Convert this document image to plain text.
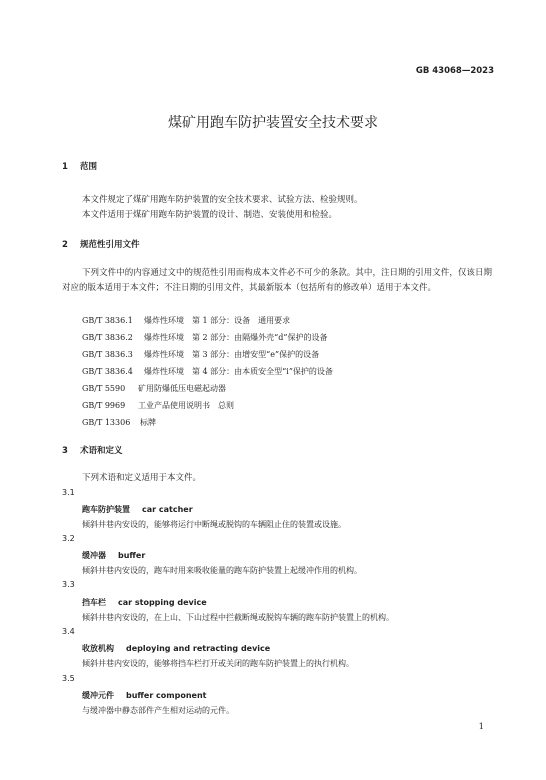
GB 43068—2023
煤矿用跑车防护装置安全技术要求
1 范围
本文件规定了煤矿用跑车防护装置的安全技术要求、试验方法、检验规则。
本文件适用于煤矿用跑车防护装置的设计、制造、安装使用和检验。
2 规范性引用文件
下列文件中的内容通过文中的规范性引用而构成本文件必不可少的条款。其中，注日期的引用文件，仅该日期对应的版本适用于本文件；不注日期的引用文件，其最新版本（包括所有的修改单）适用于本文件。
GB/T 3836.1 爆炸性环境　第 1 部分：设备　通用要求
GB/T 3836.2 爆炸性环境　第 2 部分：由隔爆外壳“d”保护的设备
GB/T 3836.3 爆炸性环境　第 3 部分：由增安型“e”保护的设备
GB/T 3836.4 爆炸性环境　第 4 部分：由本质安全型“i”保护的设备
GB/T 5590 矿用防爆低压电磁起动器
GB/T 9969 工业产品使用说明书　总则
GB/T 13306 标牌
3 术语和定义
下列术语和定义适用于本文件。
3.1
跑车防护装置 car catcher
倾斜井巷内安设的，能够将运行中断绳或脱钩的车辆阻止住的装置或设施。
3.2
缓冲器 buffer
倾斜井巷内安设的，跑车时用来吸收能量的跑车防护装置上起缓冲作用的机构。
3.3
挡车栏 car stopping device
倾斜井巷内安设的，在上山、下山过程中拦截断绳或脱钩车辆的跑车防护装置上的机构。
3.4
收放机构 deploying and retracting device
倾斜井巷内安设的，能够将挡车栏打开或关闭的跑车防护装置上的执行机构。
3.5
缓冲元件 buffer component
与缓冲器中静态部件产生相对运动的元件。
1
